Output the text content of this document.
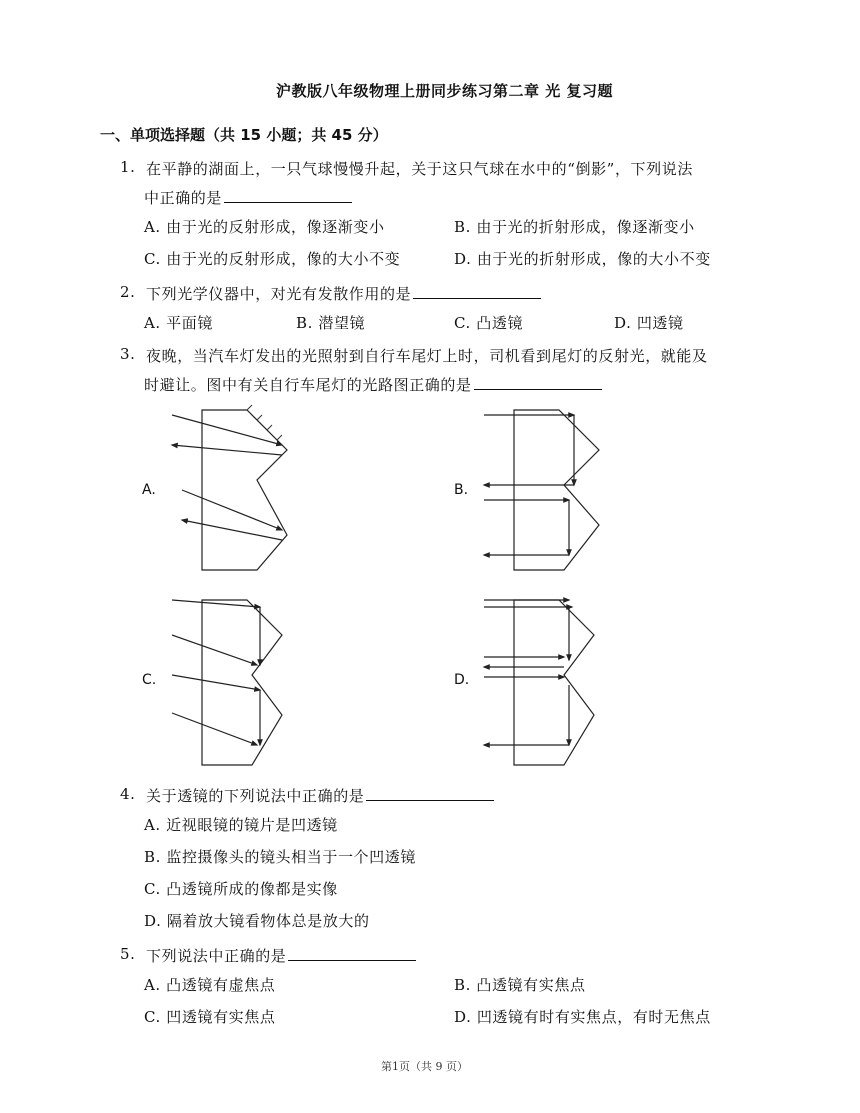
沪教版八年级物理上册同步练习第二章 光 复习题
一、单项选择题（共 15 小题；共 45 分）
1. 在平静的湖面上，一只气球慢慢升起，关于这只气球在水中的“倒影”，下列说法
中正确的是
A. 由于光的反射形成，像逐渐变小	B. 由于光的折射形成，像逐渐变小
C. 由于光的反射形成，像的大小不变	D. 由于光的折射形成，像的大小不变
2. 下列光学仪器中，对光有发散作用的是
A. 平面镜	B. 潜望镜	C. 凸透镜	D. 凹透镜
3. 夜晚，当汽车灯发出的光照射到自行车尾灯上时，司机看到尾灯的反射光，就能及
时避让。图中有关自行车尾灯的光路图正确的是
A.	B.
C.	D.
4. 关于透镜的下列说法中正确的是
A. 近视眼镜的镜片是凹透镜
B. 监控摄像头的镜头相当于一个凹透镜
C. 凸透镜所成的像都是实像
D. 隔着放大镜看物体总是放大的
5. 下列说法中正确的是
A. 凸透镜有虚焦点	B. 凸透镜有实焦点
C. 凹透镜有实焦点	D. 凹透镜有时有实焦点，有时无焦点
第1页（共 9 页）
